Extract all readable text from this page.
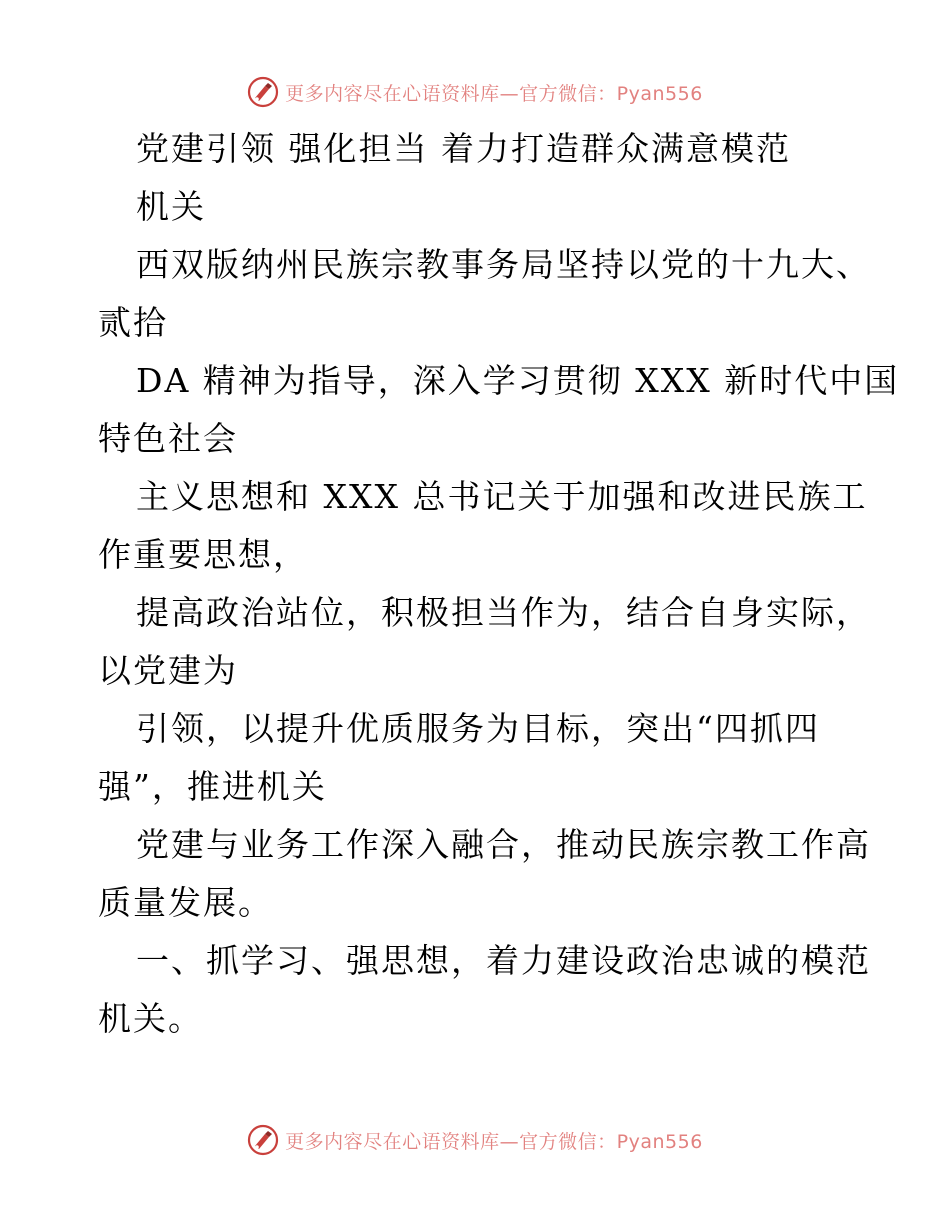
更多内容尽在心语资料库—官方微信：Pyan556
党建引领 强化担当 着力打造群众满意模范
机关
西双版纳州民族宗教事务局坚持以党的十九大、
贰拾
DA 精神为指导，深入学习贯彻 XXX 新时代中国
特色社会
主义思想和 XXX 总书记关于加强和改进民族工
作重要思想，
提高政治站位，积极担当作为，结合自身实际，
以党建为
引领，以提升优质服务为目标，突出“四抓四
强”，推进机关
党建与业务工作深入融合，推动民族宗教工作高
质量发展。
一、抓学习、强思想，着力建设政治忠诚的模范
机关。
更多内容尽在心语资料库—官方微信：Pyan556
